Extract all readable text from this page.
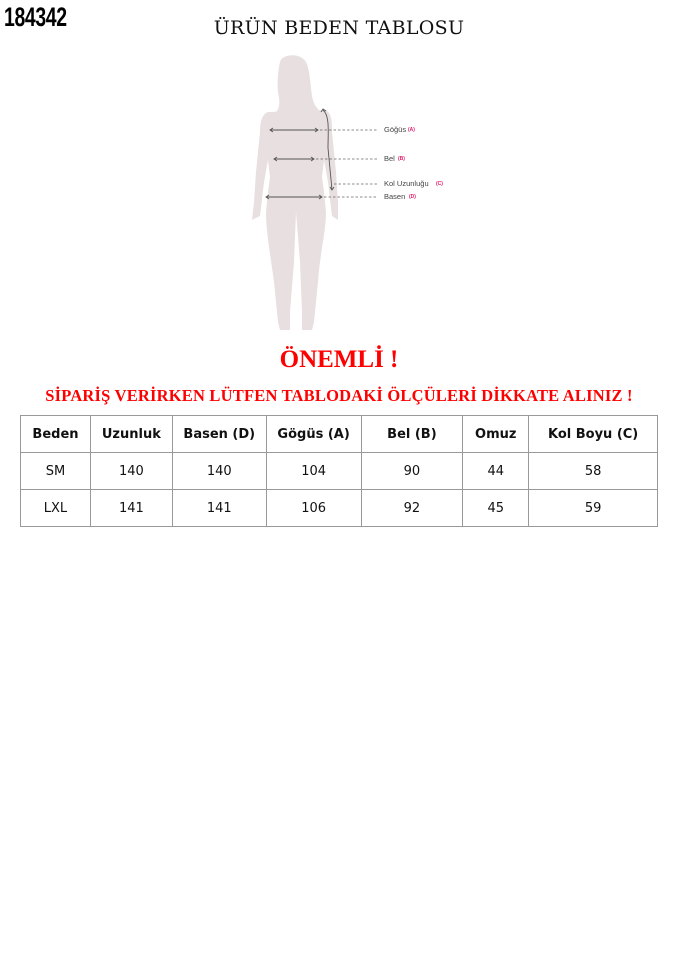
184342	ÜRÜN BEDEN TABLOSU
Göğüs (A)
Bel (B)
Kol Uzunluğu (C)
Basen (D)
ÖNEMLİ !
SİPARİŞ VERİRKEN LÜTFEN TABLODAKİ ÖLÇÜLERİ DİKKATE ALINIZ !
Beden	Uzunluk	Basen (D)	Gögüs (A)	Bel (B)	Omuz	Kol Boyu (C)
SM	140	140	104	90	44	58
LXL	141	141	106	92	45	59
